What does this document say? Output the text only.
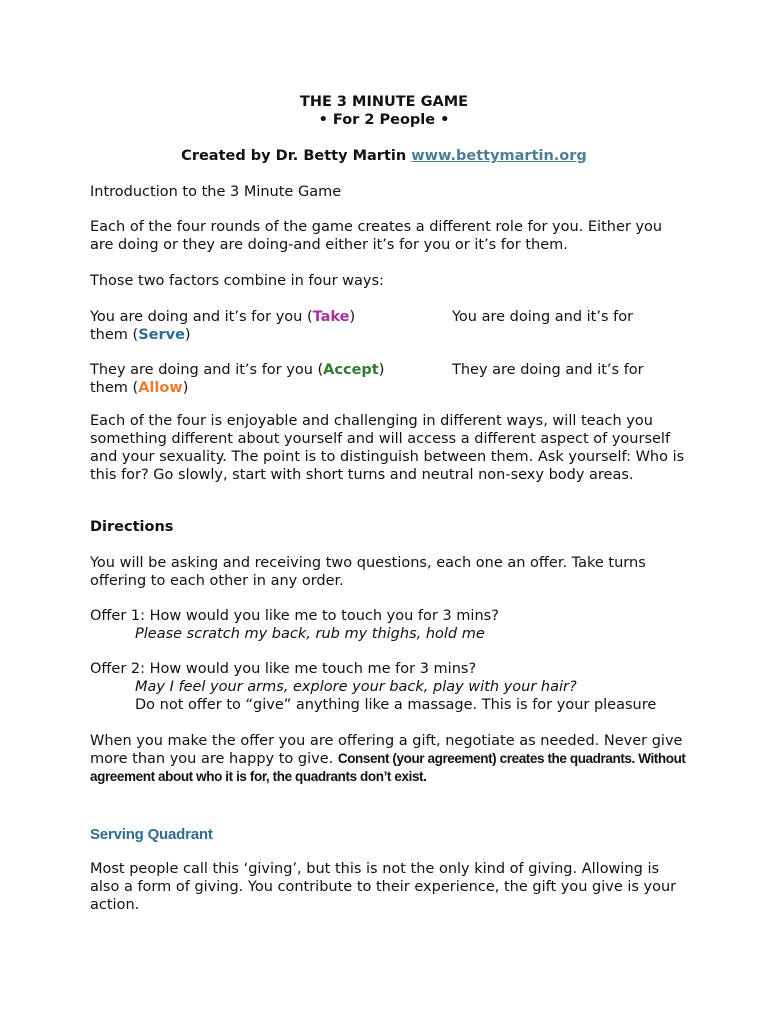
THE 3 MINUTE GAME
• For 2 People •
Created by Dr. Betty Martin www.bettymartin.org

Introduction to the 3 Minute Game

Each of the four rounds of the game creates a different role for you. Either you are doing or they are doing-and either it’s for you or it’s for them.

Those two factors combine in four ways:

You are doing and it’s for you (Take)	You are doing and it’s for
them (Serve)
They are doing and it’s for you (Accept)	They are doing and it’s for
them (Allow)

Each of the four is enjoyable and challenging in different ways, will teach you something different about yourself and will access a different aspect of yourself and your sexuality. The point is to distinguish between them. Ask yourself: Who is this for? Go slowly, start with short turns and neutral non-sexy body areas.

Directions

You will be asking and receiving two questions, each one an offer. Take turns offering to each other in any order.

Offer 1: How would you like me to touch you for 3 mins?

Please scratch my back, rub my thighs, hold me

Offer 2: How would you like me touch me for 3 mins?

May I feel your arms, explore your back, play with your hair?

Do not offer to “give” anything like a massage. This is for your pleasure

When you make the offer you are offering a gift, negotiate as needed. Never give more than you are happy to give. Consent (your agreement) creates the quadrants. Without agreement about who it is for, the quadrants don’t exist.

Serving Quadrant

Most people call this ‘giving’, but this is not the only kind of giving. Allowing is also a form of giving. You contribute to their experience, the gift you give is your action.
